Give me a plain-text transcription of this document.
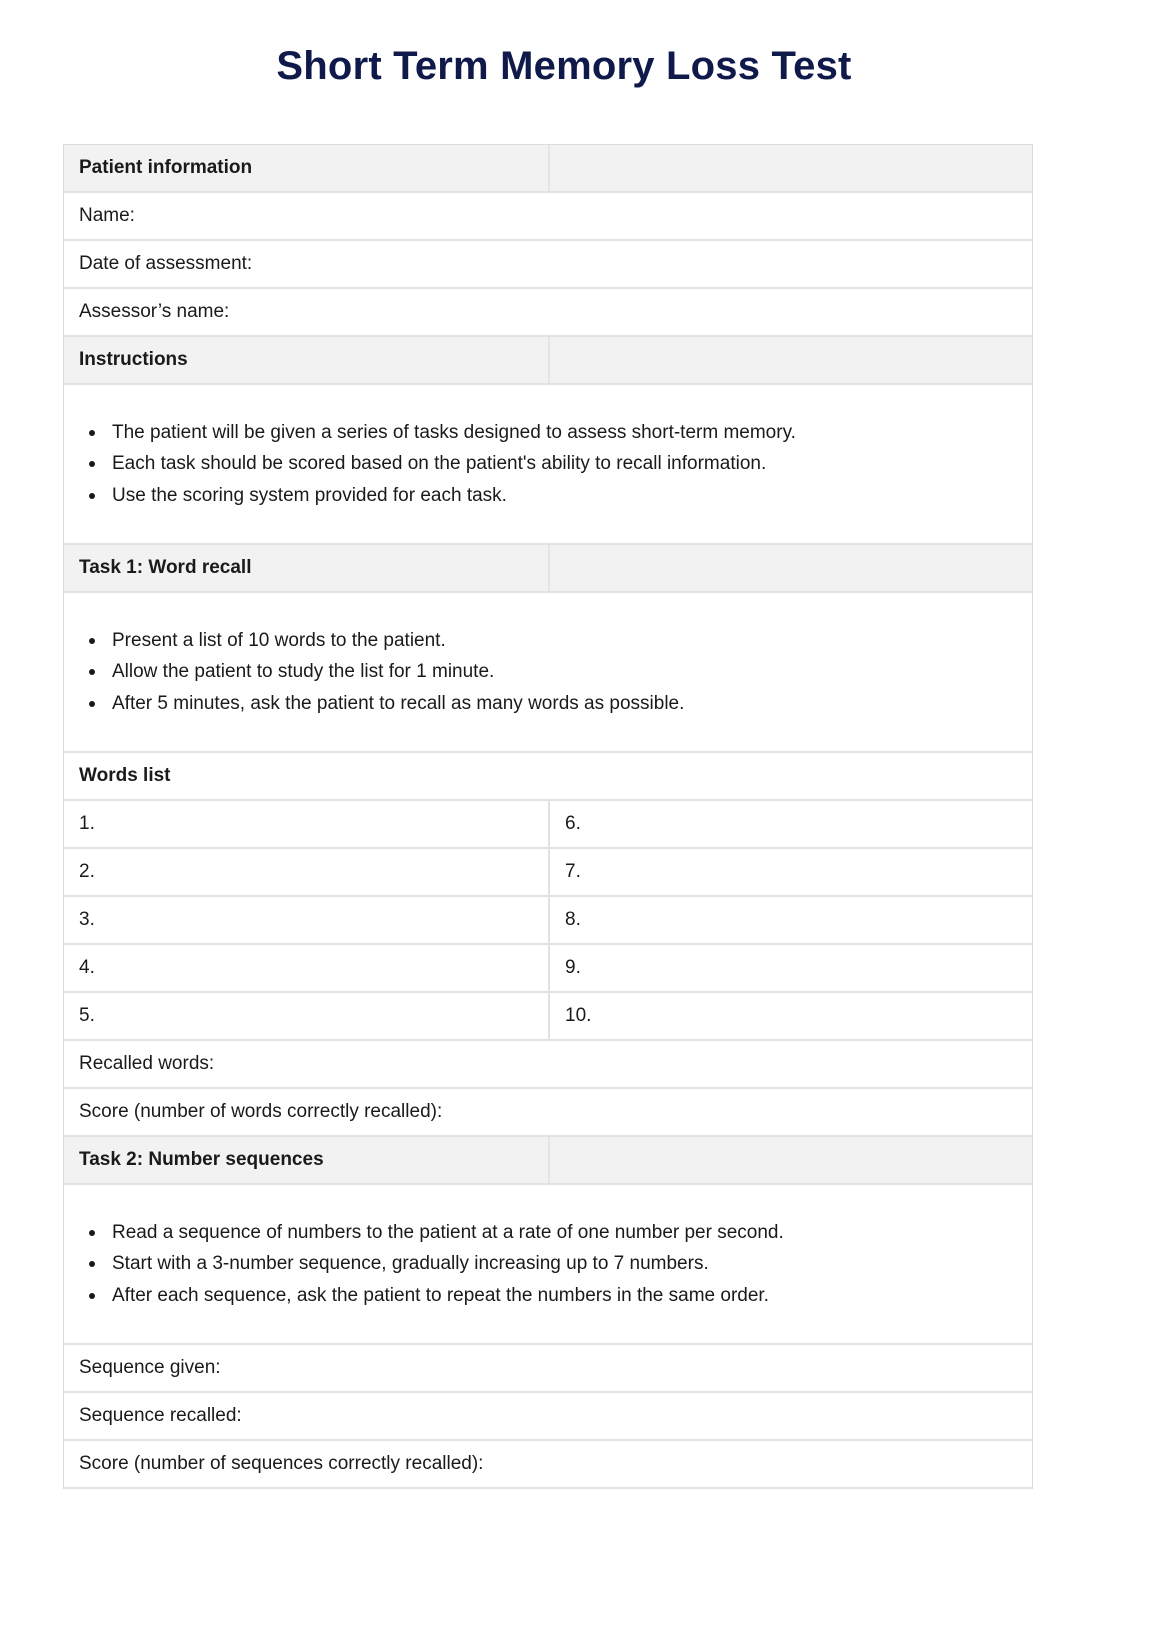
Short Term Memory Loss Test
Patient information
Name:
Date of assessment:
Assessor’s name:
Instructions
The patient will be given a series of tasks designed to assess short-term memory.
Each task should be scored based on the patient's ability to recall information.
Use the scoring system provided for each task.
Task 1: Word recall
Present a list of 10 words to the patient.
Allow the patient to study the list for 1 minute.
After 5 minutes, ask the patient to recall as many words as possible.
Words list
1.	6.
2.	7.
3.	8.
4.	9.
5.	10.
Recalled words:
Score (number of words correctly recalled):
Task 2: Number sequences
Read a sequence of numbers to the patient at a rate of one number per second.
Start with a 3-number sequence, gradually increasing up to 7 numbers.
After each sequence, ask the patient to repeat the numbers in the same order.
Sequence given:
Sequence recalled:
Score (number of sequences correctly recalled):
